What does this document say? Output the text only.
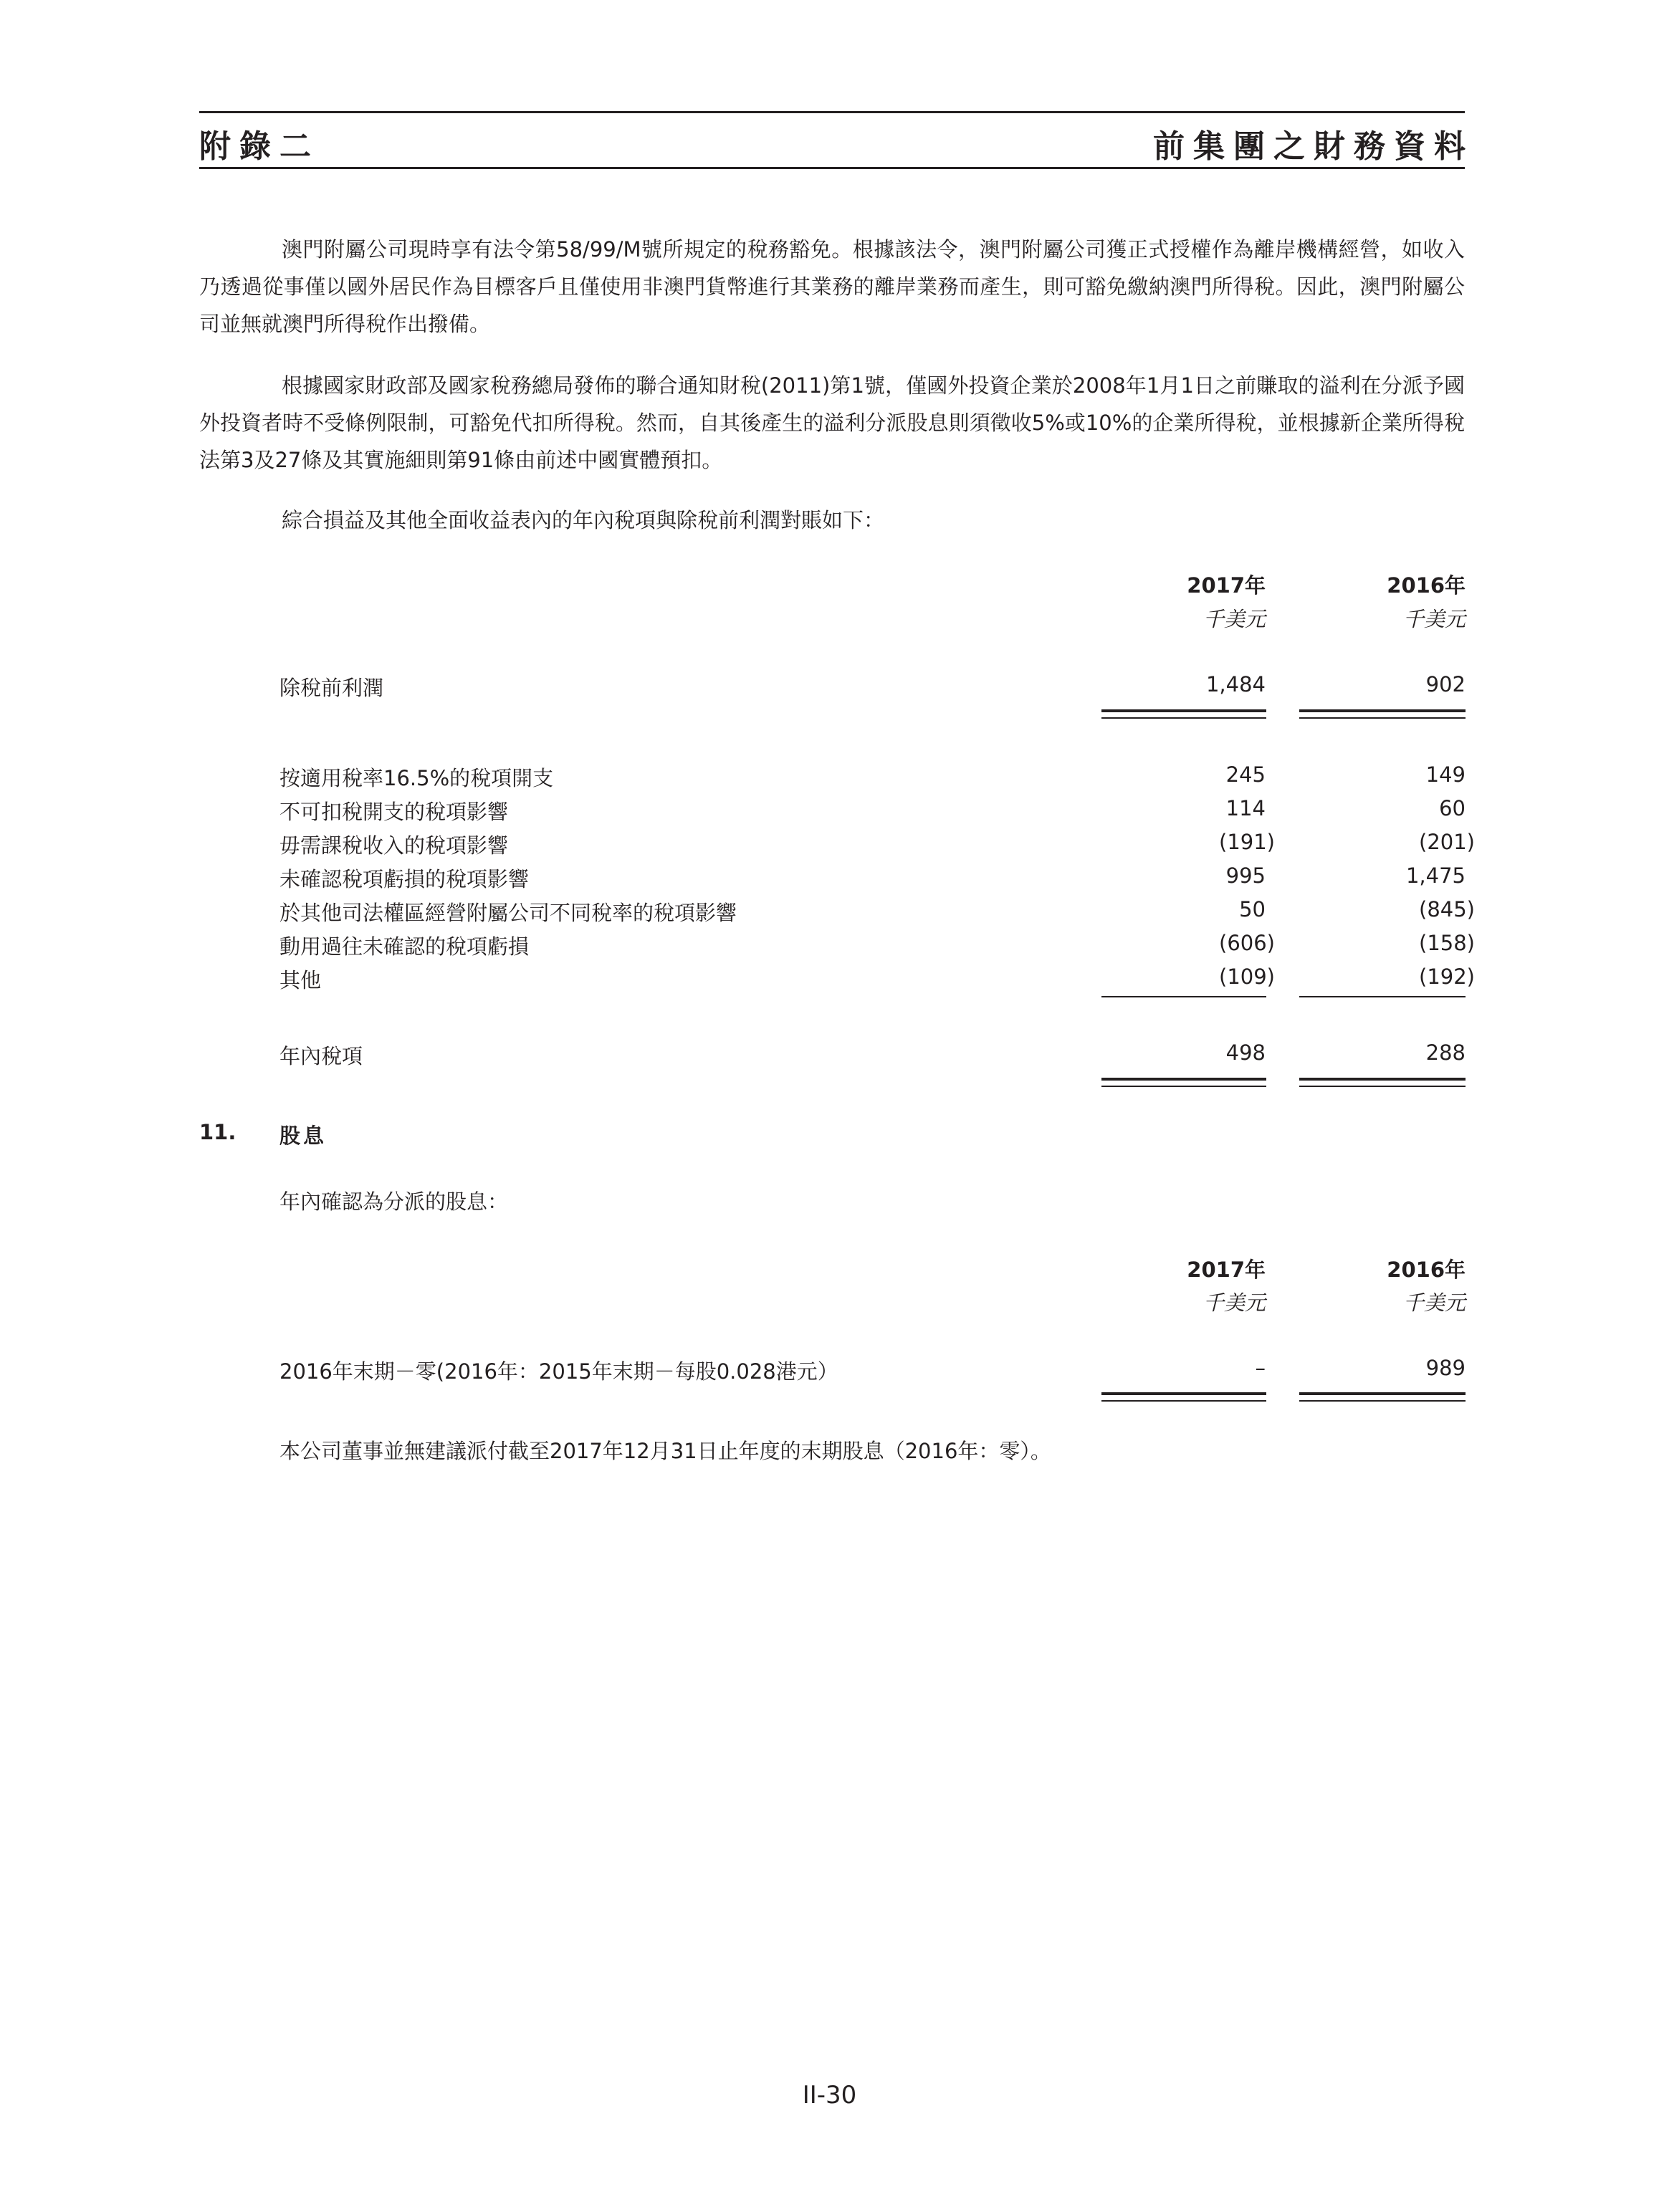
附錄二	前集團之財務資料
澳門附屬公司現時享有法令第58/99/M號所規定的稅務豁免。根據該法令，澳門附屬公司獲正式授權作為離岸機構經營，如收入乃透過從事僅以國外居民作為目標客戶且僅使用非澳門貨幣進行其業務的離岸業務而產生，則可豁免繳納澳門所得稅。因此，澳門附屬公司並無就澳門所得稅作出撥備。
根據國家財政部及國家稅務總局發佈的聯合通知財稅(2011)第1號，僅國外投資企業於2008年1月1日之前賺取的溢利在分派予國外投資者時不受條例限制，可豁免代扣所得稅。然而，自其後產生的溢利分派股息則須徵收5%或10%的企業所得稅，並根據新企業所得稅法第3及27條及其實施細則第91條由前述中國實體預扣。
綜合損益及其他全面收益表內的年內稅項與除稅前利潤對賬如下：
2017年	2016年
千美元	千美元
除稅前利潤	1,484	902
按適用稅率16.5%的稅項開支	245	149
不可扣稅開支的稅項影響	114	60
毋需課稅收入的稅項影響	(191)	(201)
未確認稅項虧損的稅項影響	995	1,475
於其他司法權區經營附屬公司不同稅率的稅項影響	50	(845)
動用過往未確認的稅項虧損	(606)	(158)
其他	(109)	(192)
年內稅項	498	288
11. 股息
年內確認為分派的股息：
2017年	2016年
千美元	千美元
2016年末期－零(2016年：2015年末期－每股0.028港元）	–	989
本公司董事並無建議派付截至2017年12月31日止年度的末期股息（2016年：零）。
II-30
